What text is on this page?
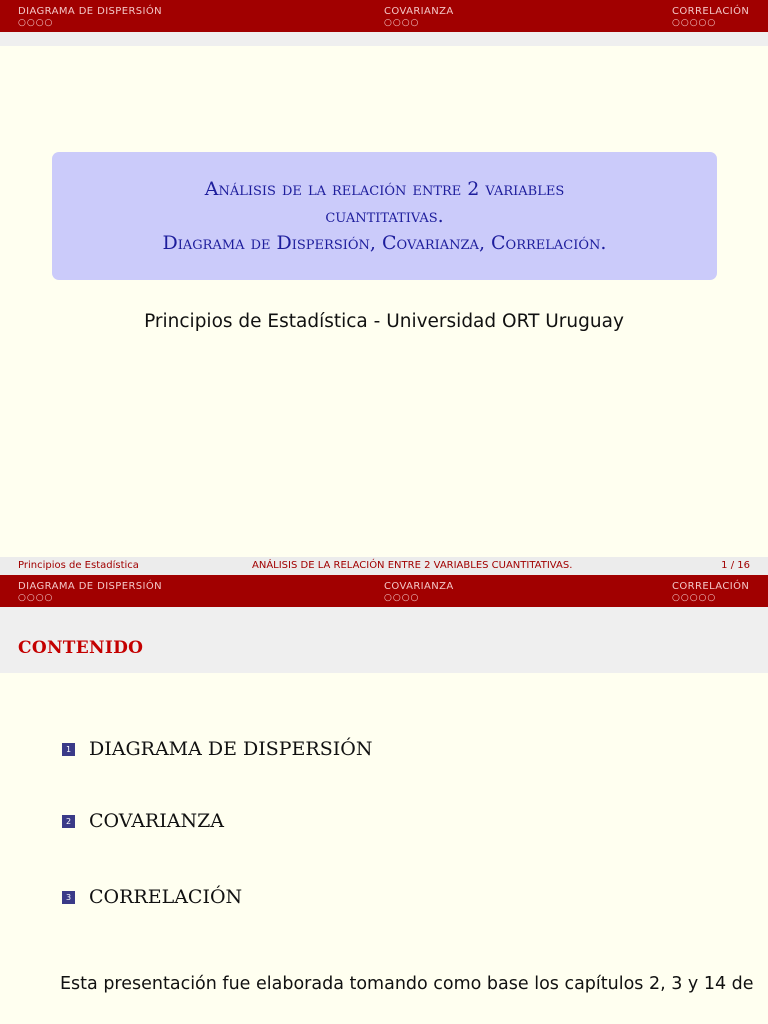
DIAGRAMA DE DISPERSIÓN
○○○○
COVARIANZA
○○○○
CORRELACIÓN
○○○○○
Análisis de la relación entre 2 variables
cuantitativas.
Diagrama de Dispersión, Covarianza, Correlación.
Principios de Estadística - Universidad ORT Uruguay
Principios de Estadística	ANÁLISIS DE LA RELACIÓN ENTRE 2 VARIABLES CUANTITATIVAS.	1 / 16
DIAGRAMA DE DISPERSIÓN
○○○○
COVARIANZA
○○○○
CORRELACIÓN
○○○○○
CONTENIDO
1 DIAGRAMA DE DISPERSIÓN
2 COVARIANZA
3 CORRELACIÓN
Esta presentación fue elaborada tomando como base los capítulos 2, 3 y 14 de
